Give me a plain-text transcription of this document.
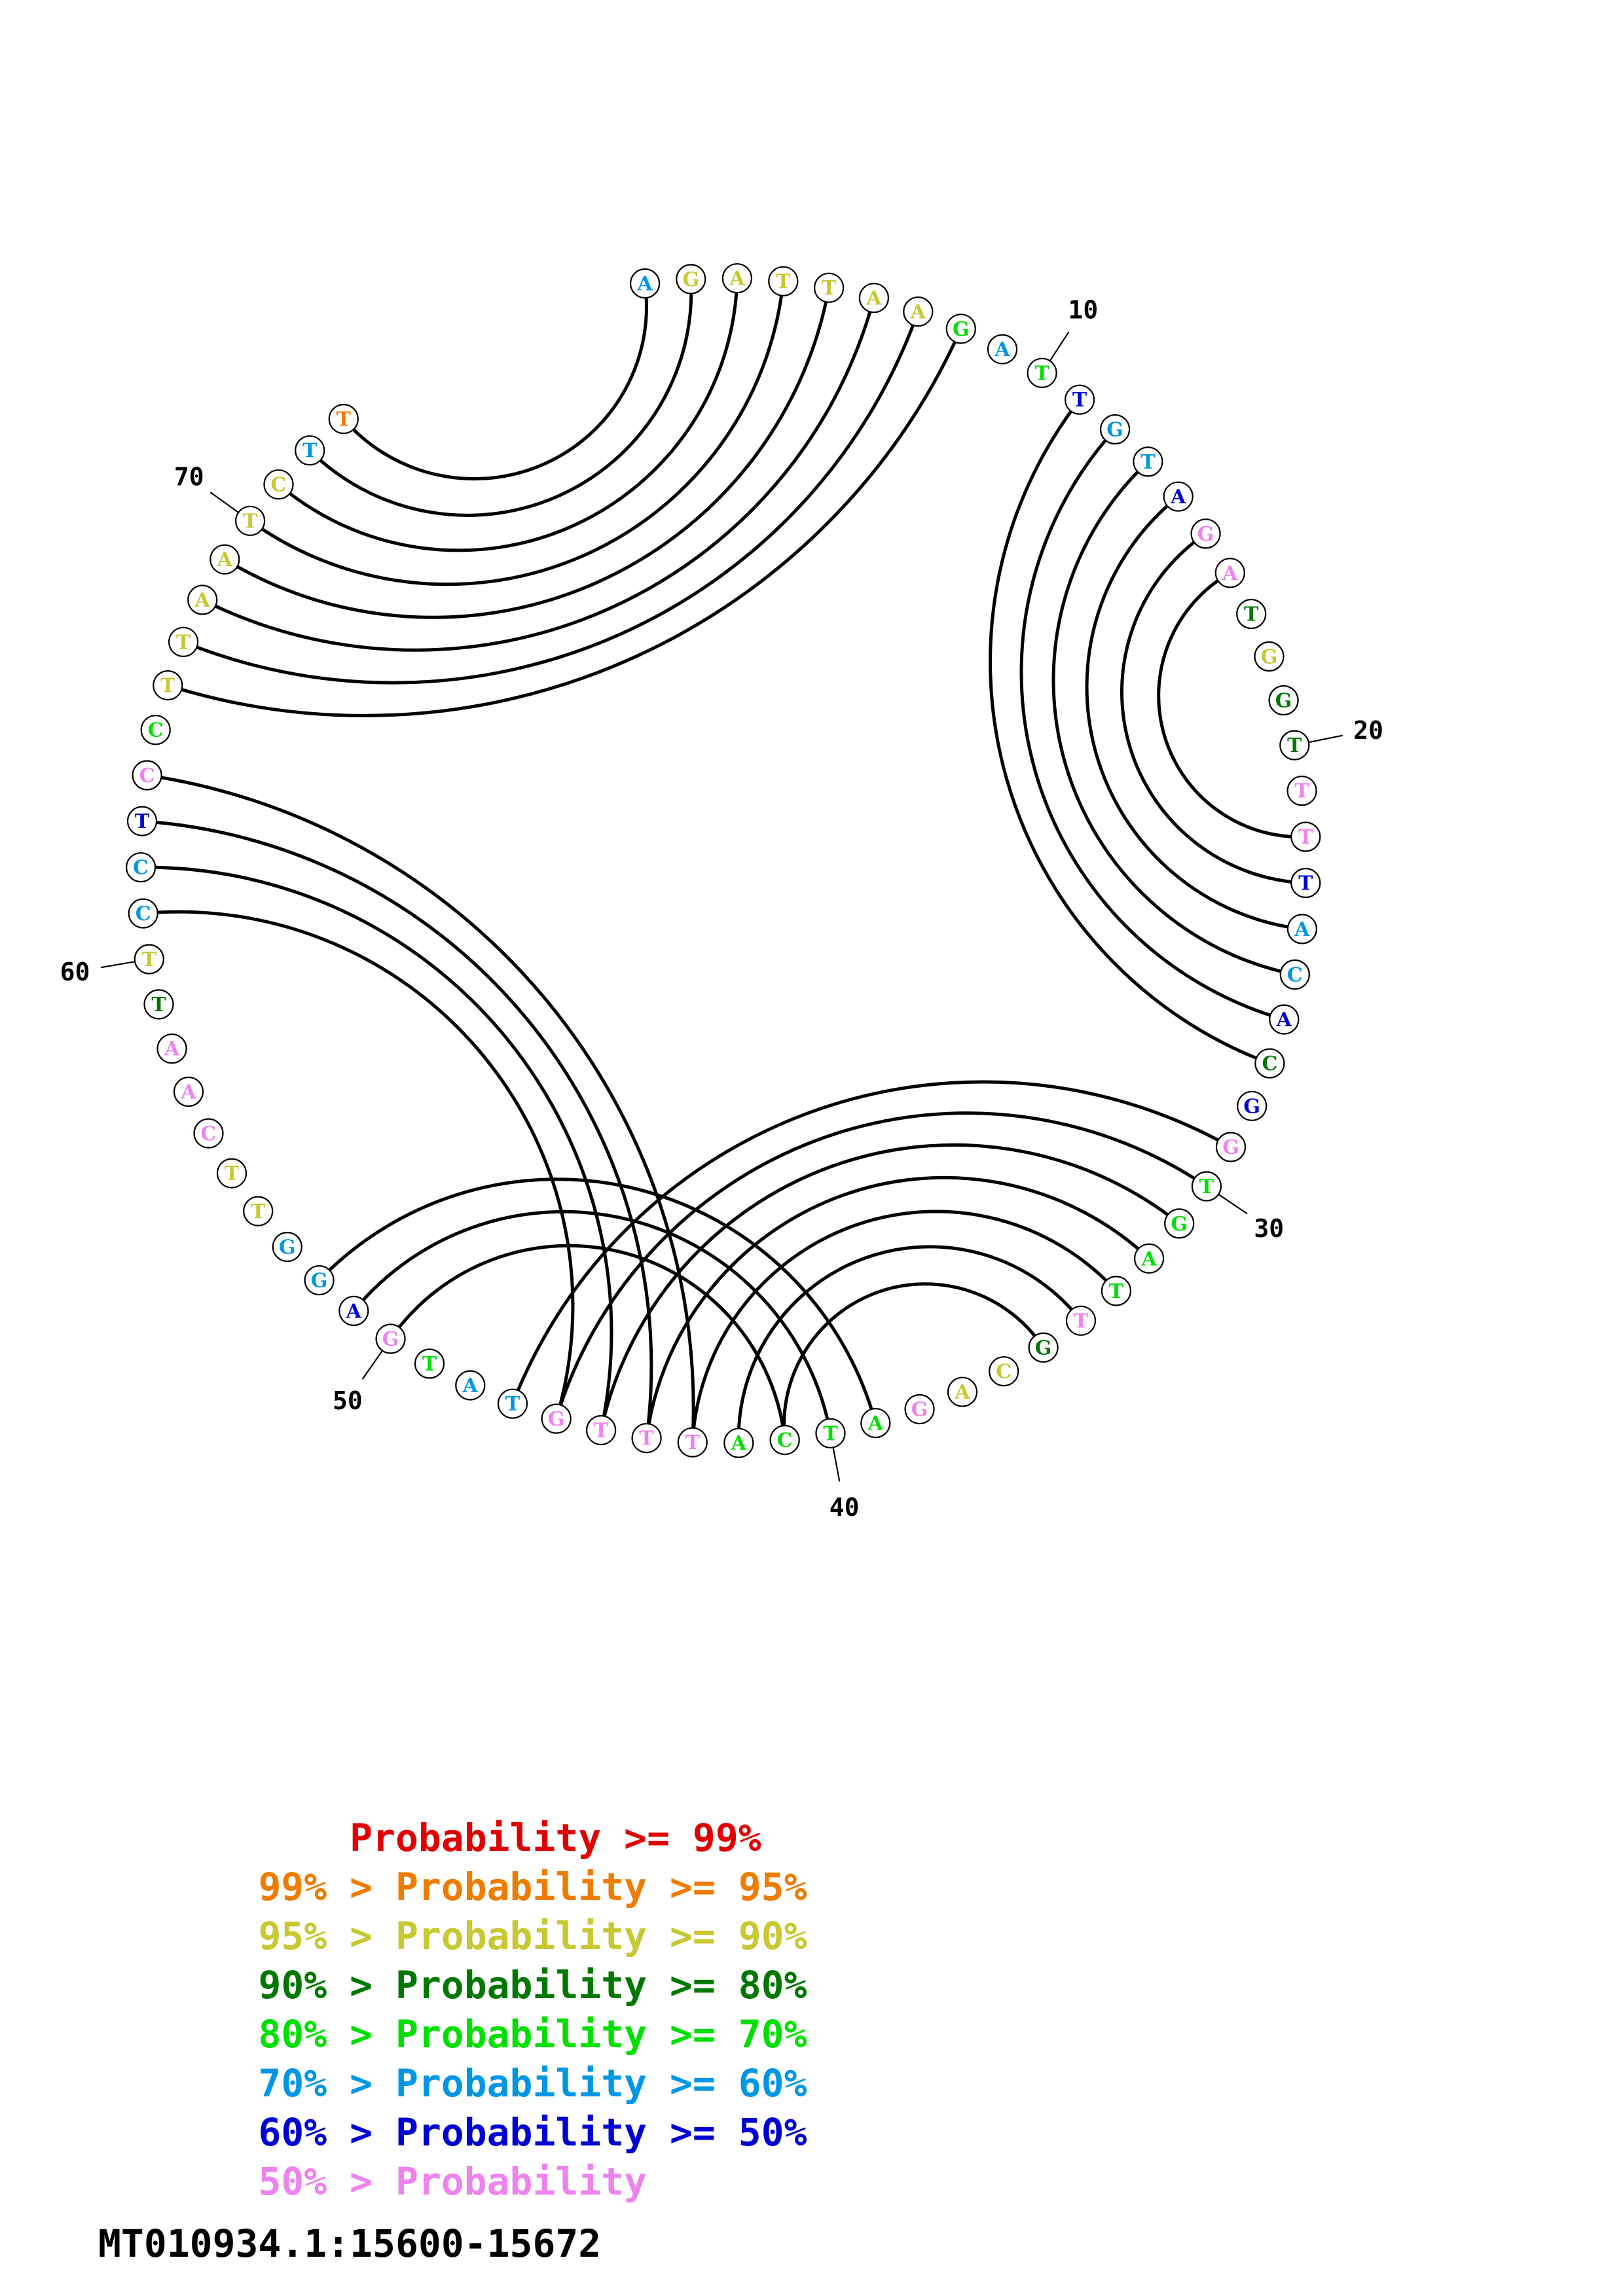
10
20
30
40
50
60
70
G
A
T
T
G
T
A
G
A
T
G
G
T
T
T
T
A
C
A
C
G
G
T
G
A
T
T
G
C
A
G
A
T
C
A
T
T
T
G
T
A
T
G
A
G
G
T
T
C
A
A
T
T
C
C
T
C
C
T
T
A
A
T
C
T
T
A G A T T A
A
Probability >= 99%
99% > Probability >= 95%
95% > Probability >= 90%
90% > Probability >= 80%
80% > Probability >= 70%
70% > Probability >= 60%
60% > Probability >= 50%
50% > Probability
MT010934.1:15600-15672
